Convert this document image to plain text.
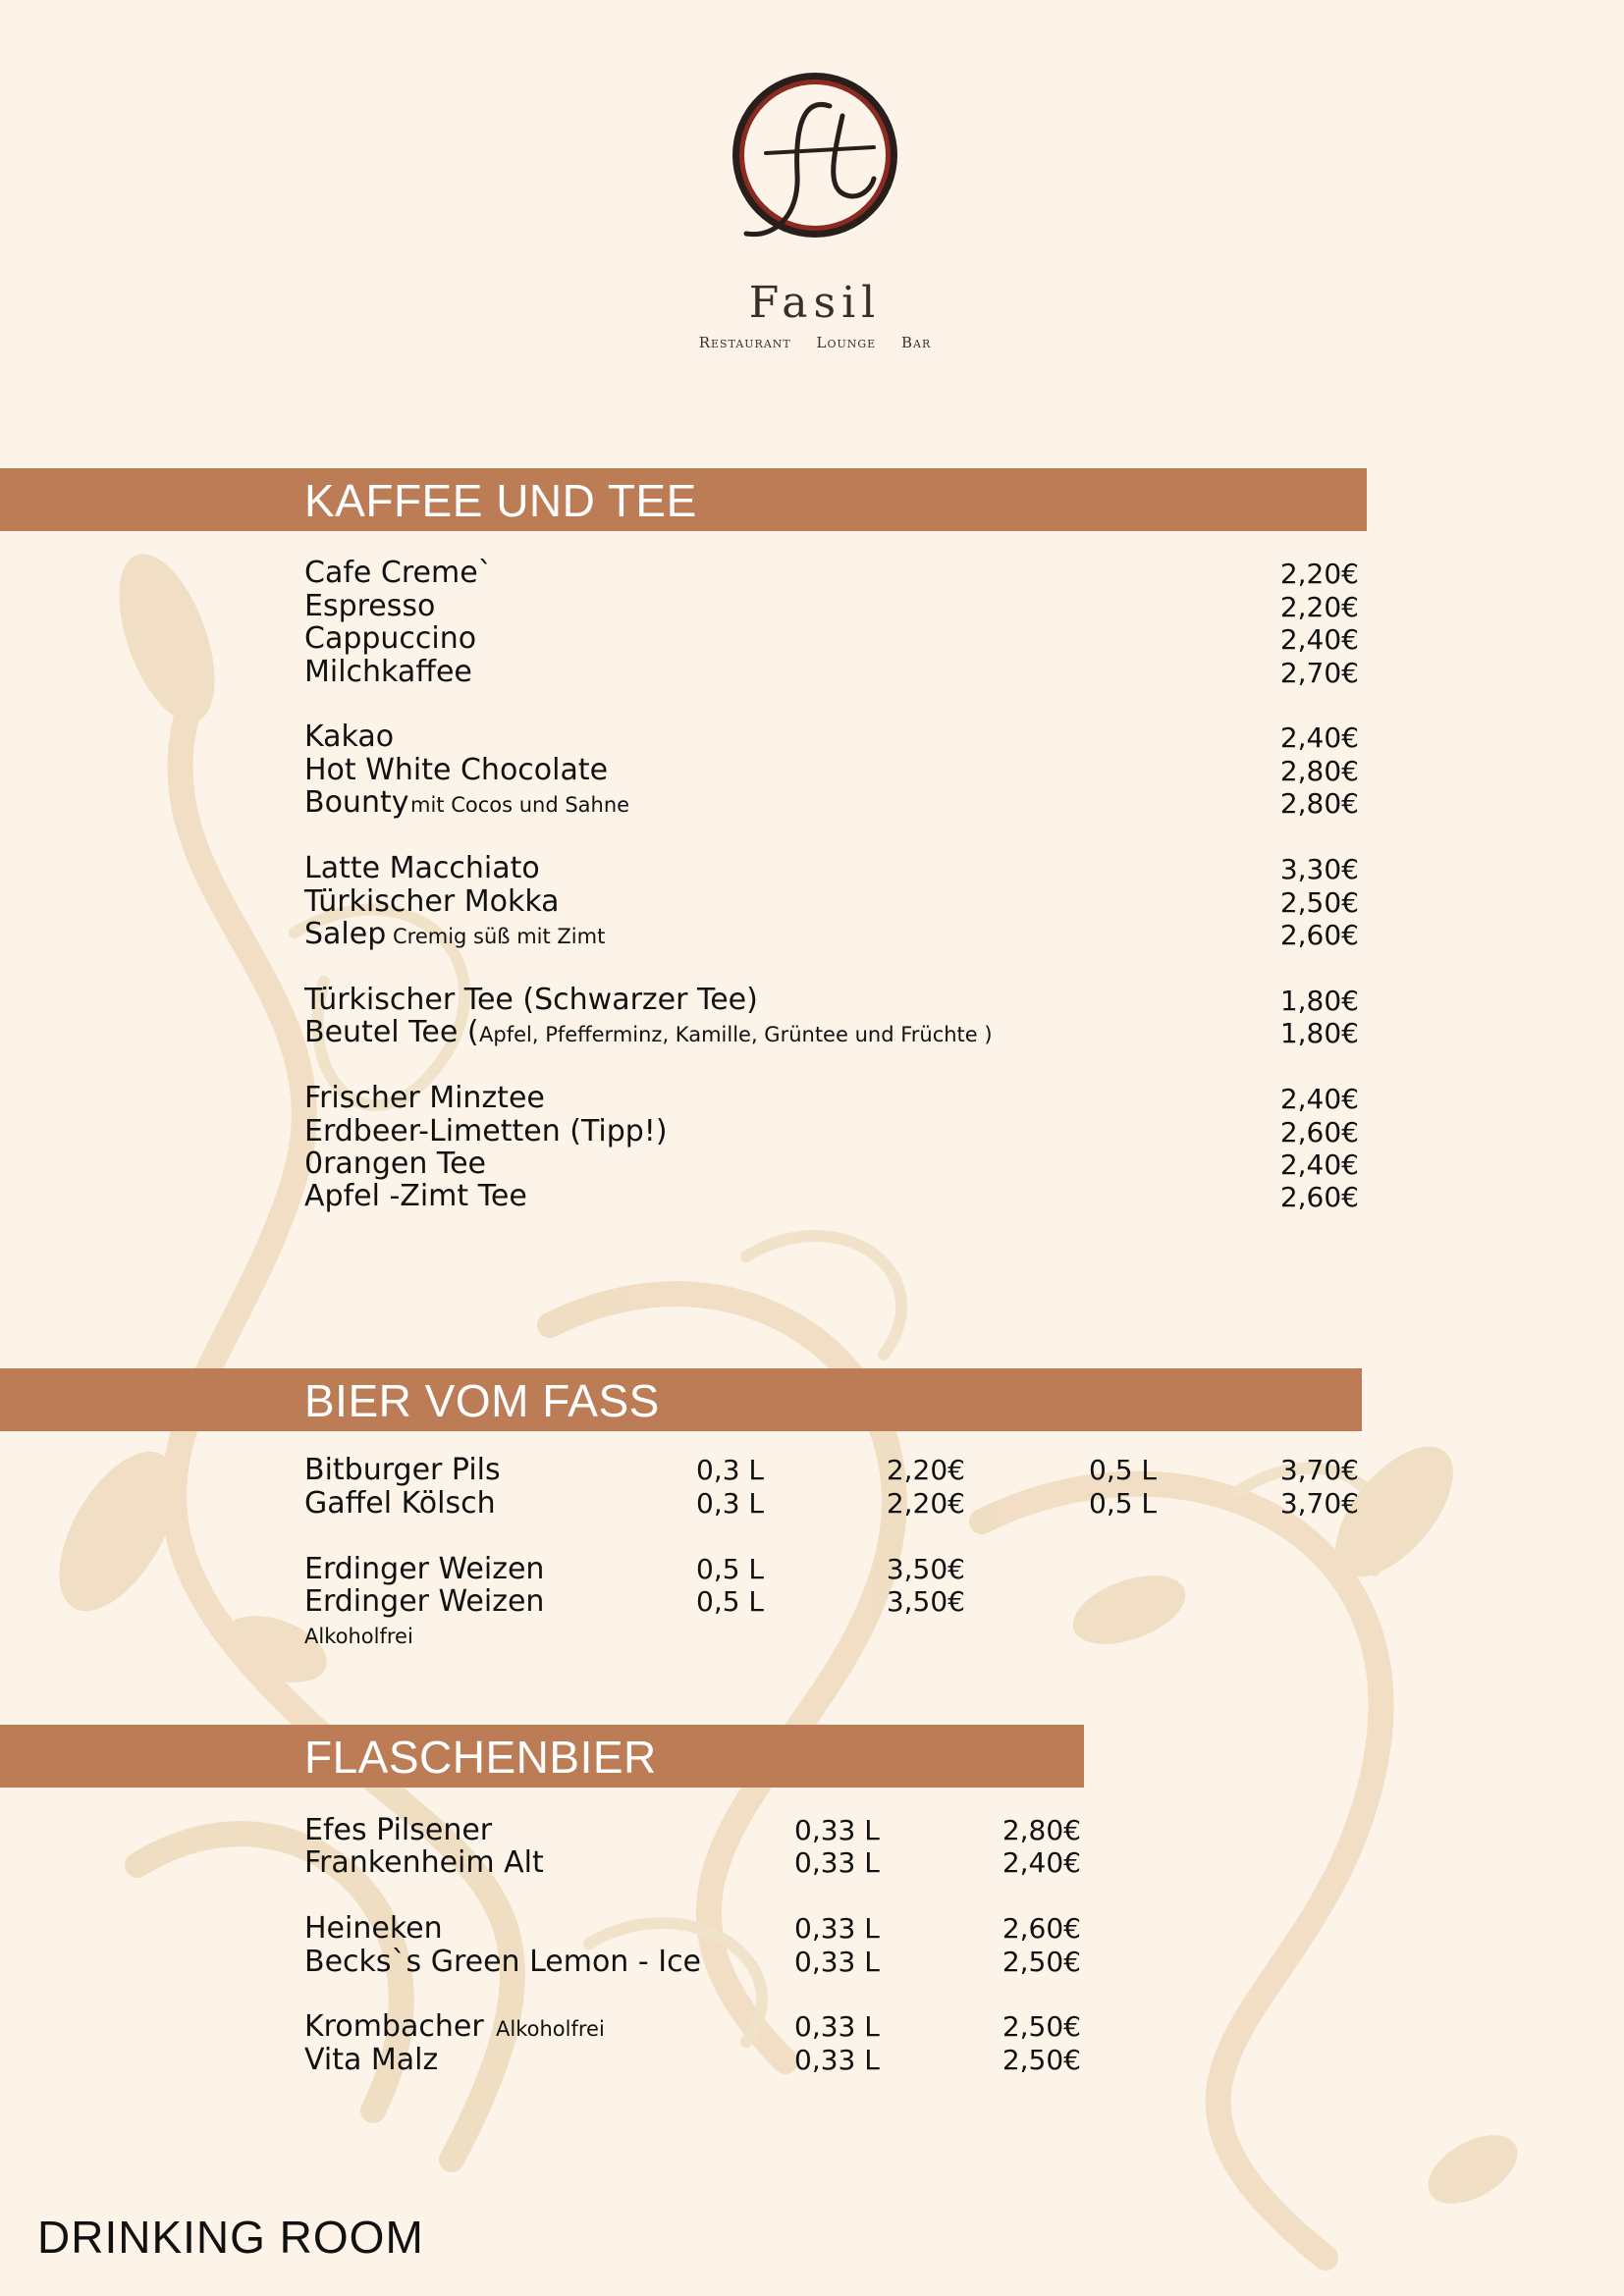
Fasil
Restaurant Lounge Bar
KAFFEE UND TEE
Cafe Creme`	2,20€
Espresso	2,20€
Cappuccino	2,40€
Milchkaffee	2,70€
Kakao	2,40€
Hot White Chocolate	2,80€
Bounty mit Cocos und Sahne	2,80€
Latte Macchiato	3,30€
Türkischer Mokka	2,50€
Salep Cremig süß mit Zimt	2,60€
Türkischer Tee (Schwarzer Tee)	1,80€
Beutel Tee ( Apfel, Pfefferminz, Kamille, Grüntee und Früchte )	1,80€
Frischer Minztee	2,40€
Erdbeer-Limetten (Tipp!)	2,60€
0rangen Tee	2,40€
Apfel -Zimt Tee	2,60€
BIER VOM FASS
Bitburger Pils	0,3 L	2,20€	0,5 L	3,70€
Gaffel Kölsch	0,3 L	2,20€	0,5 L	3,70€
Erdinger Weizen	0,5 L	3,50€
Erdinger Weizen	0,5 L	3,50€
Alkoholfrei
FLASCHENBIER
Efes Pilsener	0,33 L	2,80€
Frankenheim Alt	0,33 L	2,40€
Heineken	0,33 L	2,60€
Becks`s Green Lemon - Ice	0,33 L	2,50€
Krombacher Alkoholfrei	0,33 L	2,50€
Vita Malz	0,33 L	2,50€
DRINKING ROOM
